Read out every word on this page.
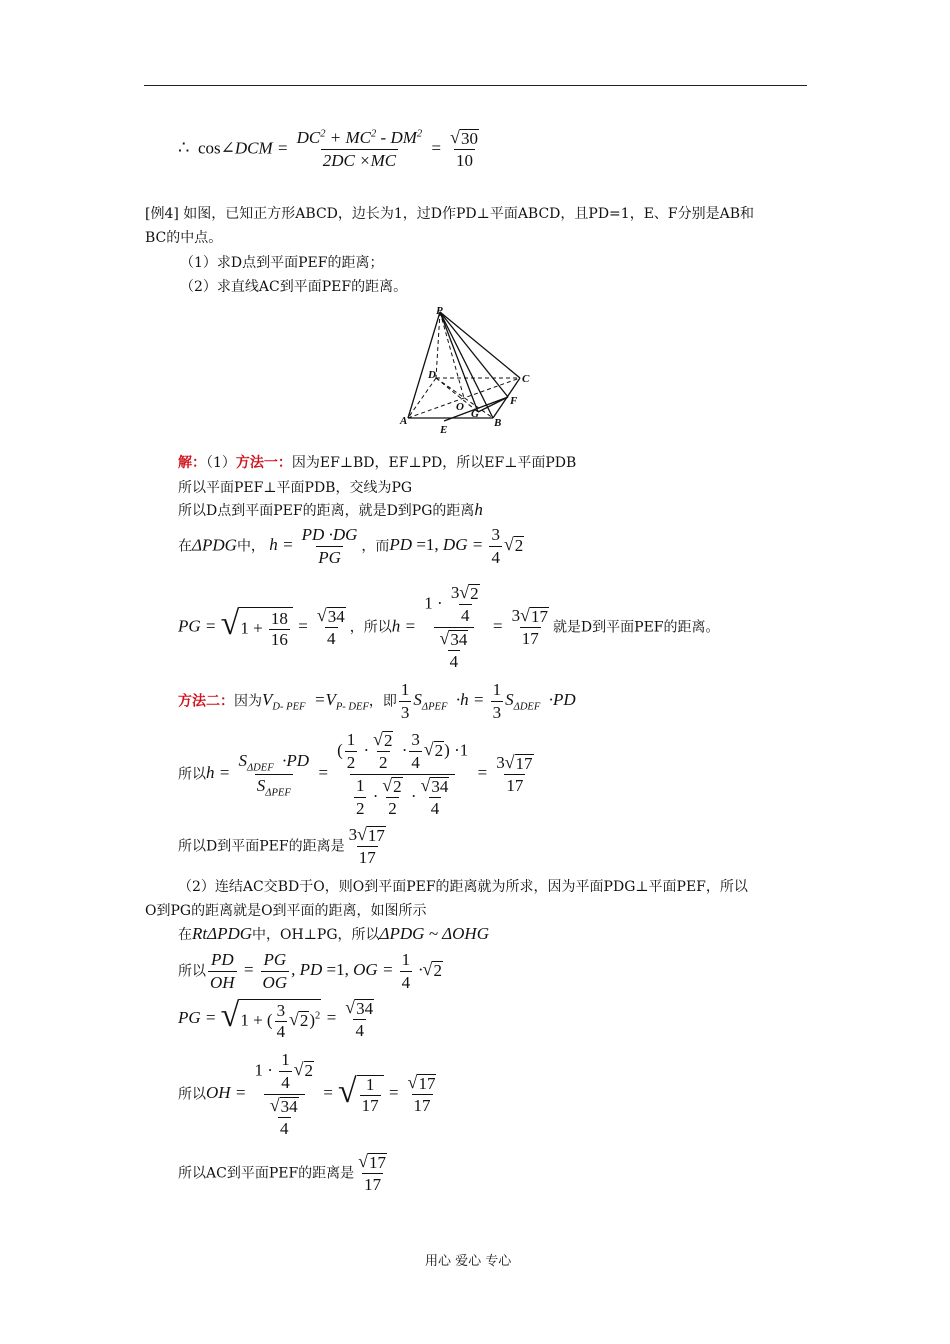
∴ cos∠DCM = $\frac{DC^2 + MC^2 - DM^2}{2DC \times MC} = \frac{√ 30}{10}$
[例4] 如图，已知正方形ABCD，边长为1，过D作PD⊥平面ABCD，且PD=1，E、F分别是AB和
BC的中点。
（1）求D点到平面PEF的距离；
（2）求直线AC到平面PEF的距离。
P
C
D
F
O
G
A
E
B
解：（1）方法一：因为EF⊥BD，EF⊥PD，所以EF⊥平面PDB
所以平面PEF⊥平面PDB，交线为PG
所以D点到平面PEF的距离，就是D到PG的距离h
在ΔPDG中， $h = \frac{PD \cdot DG}{PG}$ ，而PD =1, DG = $\frac{3}{4}$ √ 2
PG = √ $1 + \frac{18}{16} = \frac{√ 34}{4}$ ，所以$h = \frac{1 \cdot \frac{3 √ 2}{4}}{\frac{√ 34}{4}} = \frac{3 √ 17}{17}$ 就是D到平面PEF的距离。
方法二：因为$V_{D- PEF} =V_{P- DEF}$，即 $\frac{1}{3} S_{\Delta PEF} \cdot h = \frac{1}{3} S_{\Delta DEF} \cdot PD$
所以$h = \frac{S_{\Delta DEF} \cdot PD}{S_{\Delta PEF}} = \frac{( \frac{1}{2} \cdot \frac{√ 2}{2} \cdot \frac{3}{4} √ 2 ) \cdot 1}{\frac{1}{2} \cdot \frac{√ 2}{2} \cdot \frac{√ 34}{4}} = \frac{3 √ 17}{17}$
所以D到平面PEF的距离是 $\frac{3 √ 17}{17}$
（2）连结AC交BD于O，则O到平面PEF的距离就为所求，因为平面PDG⊥平面PEF，所以
O到PG的距离就是O到平面的距离，如图所示
在RtΔPDG中，OH⊥PG，所以ΔPDG ~ ΔOHG
所以 $\frac{PD}{OH} = \frac{PG}{OG}$ , PD =1, OG = $\frac{1}{4}$ · √ 2
PG = √ 1 + ( $\frac{3}{4}$ √ 2 )$^2 = \frac{√ 34}{4}$
所以OH = $\frac{1 \cdot \frac{1}{4} √ 2}{\frac{√ 34}{4}}$ = √ $\frac{1}{17} = \frac{√ 17}{17}$
所以AC到平面PEF的距离是 $\frac{√ 17}{17}$
用心 爱心 专心
